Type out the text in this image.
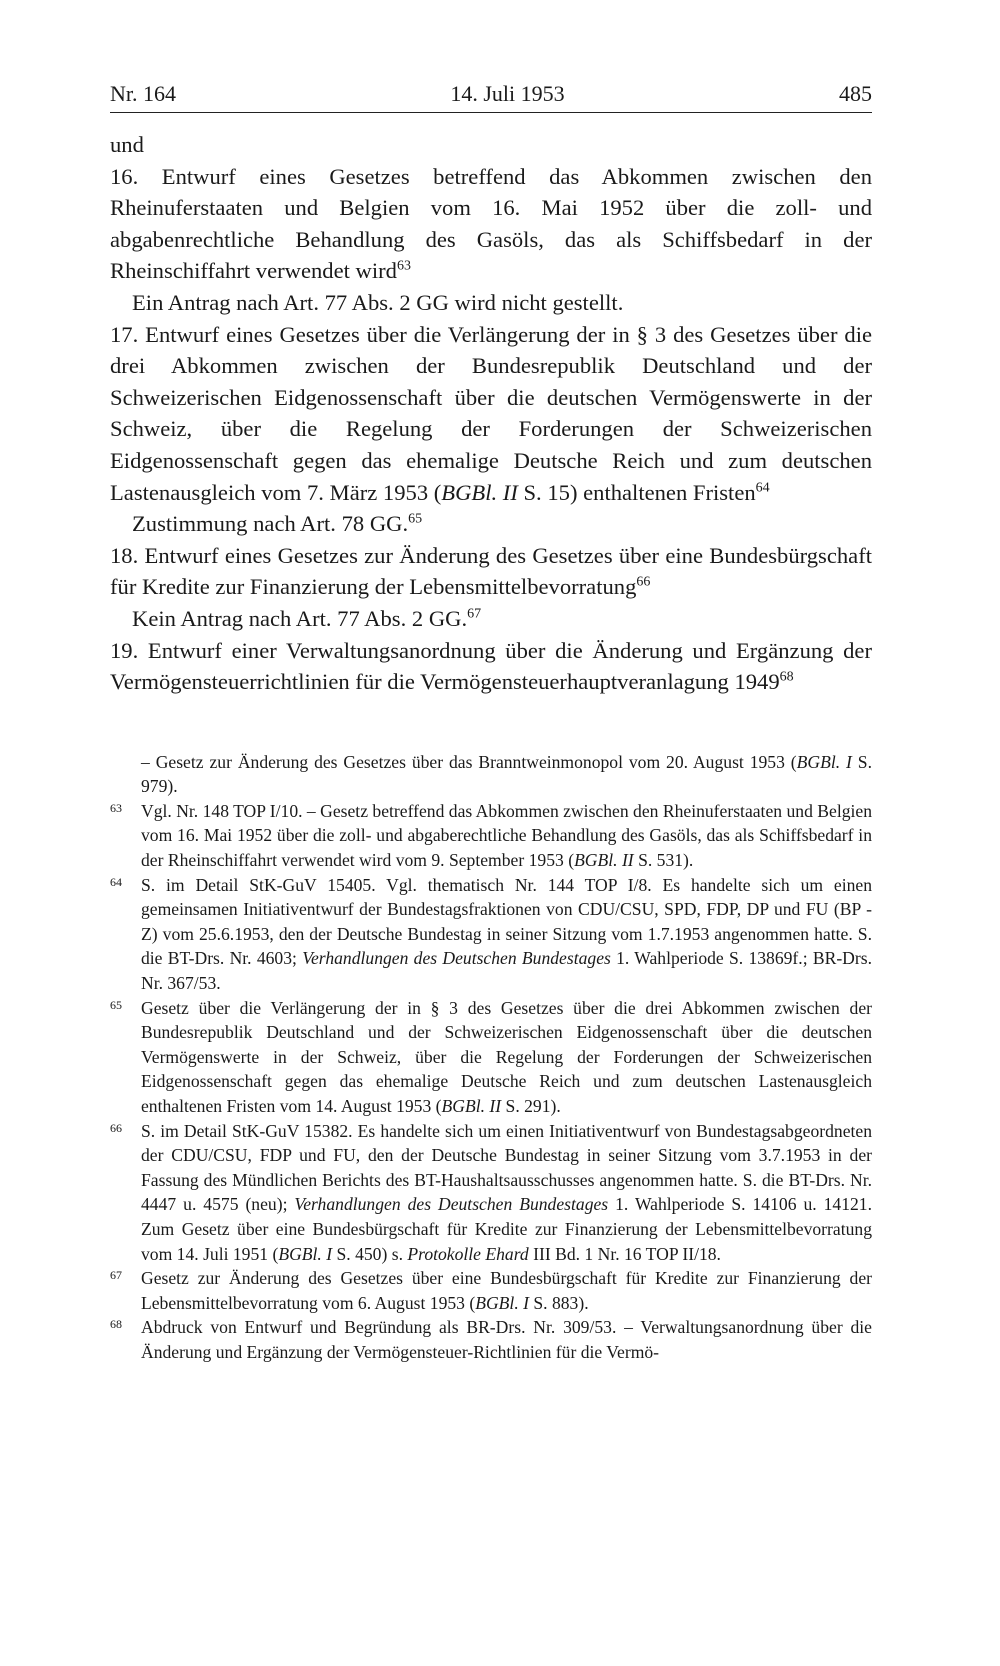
Nr. 164	14. Juli 1953	485

und

16. Entwurf eines Gesetzes betreffend das Abkommen zwischen den Rheinuferstaaten und Belgien vom 16. Mai 1952 über die zoll- und abgabenrechtliche Behandlung des Gasöls, das als Schiffsbedarf in der Rheinschiffahrt verwendet wird$^{63}$

Ein Antrag nach Art. 77 Abs. 2 GG wird nicht gestellt.

17. Entwurf eines Gesetzes über die Verlängerung der in § 3 des Gesetzes über die drei Abkommen zwischen der Bundesrepublik Deutschland und der Schweizerischen Eidgenossenschaft über die deutschen Vermögenswerte in der Schweiz, über die Regelung der Forderungen der Schweizerischen Eidgenossenschaft gegen das ehemalige Deutsche Reich und zum deutschen Lastenausgleich vom 7. März 1953 (BGBl. II S. 15) enthaltenen Fristen$^{64}$

Zustimmung nach Art. 78 GG.$^{65}$

18. Entwurf eines Gesetzes zur Änderung des Gesetzes über eine Bundesbürgschaft für Kredite zur Finanzierung der Lebensmittelbevorratung$^{66}$

Kein Antrag nach Art. 77 Abs. 2 GG.$^{67}$

19. Entwurf einer Verwaltungsanordnung über die Änderung und Ergänzung der Vermögensteuerrichtlinien für die Vermögensteuerhauptveranlagung 1949$^{68}$

– Gesetz zur Änderung des Gesetzes über das Branntweinmonopol vom 20. August 1953 (BGBl. I S. 979).

63 Vgl. Nr. 148 TOP I/10. – Gesetz betreffend das Abkommen zwischen den Rheinuferstaaten und Belgien vom 16. Mai 1952 über die zoll- und abgaberechtliche Behandlung des Gasöls, das als Schiffsbedarf in der Rheinschiffahrt verwendet wird vom 9. September 1953 (BGBl. II S. 531).

64 S. im Detail StK-GuV 15405. Vgl. thematisch Nr. 144 TOP I/8. Es handelte sich um einen gemeinsamen Initiativentwurf der Bundestagsfraktionen von CDU/CSU, SPD, FDP, DP und FU (BP - Z) vom 25.6.1953, den der Deutsche Bundestag in seiner Sitzung vom 1.7.1953 angenommen hatte. S. die BT-Drs. Nr. 4603; Verhandlungen des Deutschen Bundestages 1. Wahlperiode S. 13869f.; BR-Drs. Nr. 367/53.

65 Gesetz über die Verlängerung der in § 3 des Gesetzes über die drei Abkommen zwischen der Bundesrepublik Deutschland und der Schweizerischen Eidgenossenschaft über die deutschen Vermögenswerte in der Schweiz, über die Regelung der Forderungen der Schweizerischen Eidgenossenschaft gegen das ehemalige Deutsche Reich und zum deutschen Lastenausgleich enthaltenen Fristen vom 14. August 1953 (BGBl. II S. 291).

66 S. im Detail StK-GuV 15382. Es handelte sich um einen Initiativentwurf von Bundestagsabgeordneten der CDU/CSU, FDP und FU, den der Deutsche Bundestag in seiner Sitzung vom 3.7.1953 in der Fassung des Mündlichen Berichts des BT-Haushaltsausschusses angenommen hatte. S. die BT-Drs. Nr. 4447 u. 4575 (neu); Verhandlungen des Deutschen Bundestages 1. Wahlperiode S. 14106 u. 14121. Zum Gesetz über eine Bundesbürgschaft für Kredite zur Finanzierung der Lebensmittelbevorratung vom 14. Juli 1951 (BGBl. I S. 450) s. Protokolle Ehard III Bd. 1 Nr. 16 TOP II/18.

67 Gesetz zur Änderung des Gesetzes über eine Bundesbürgschaft für Kredite zur Finanzierung der Lebensmittelbevorratung vom 6. August 1953 (BGBl. I S. 883).

68 Abdruck von Entwurf und Begründung als BR-Drs. Nr. 309/53. – Verwaltungsanordnung über die Änderung und Ergänzung der Vermögensteuer-Richtlinien für die Vermö-
